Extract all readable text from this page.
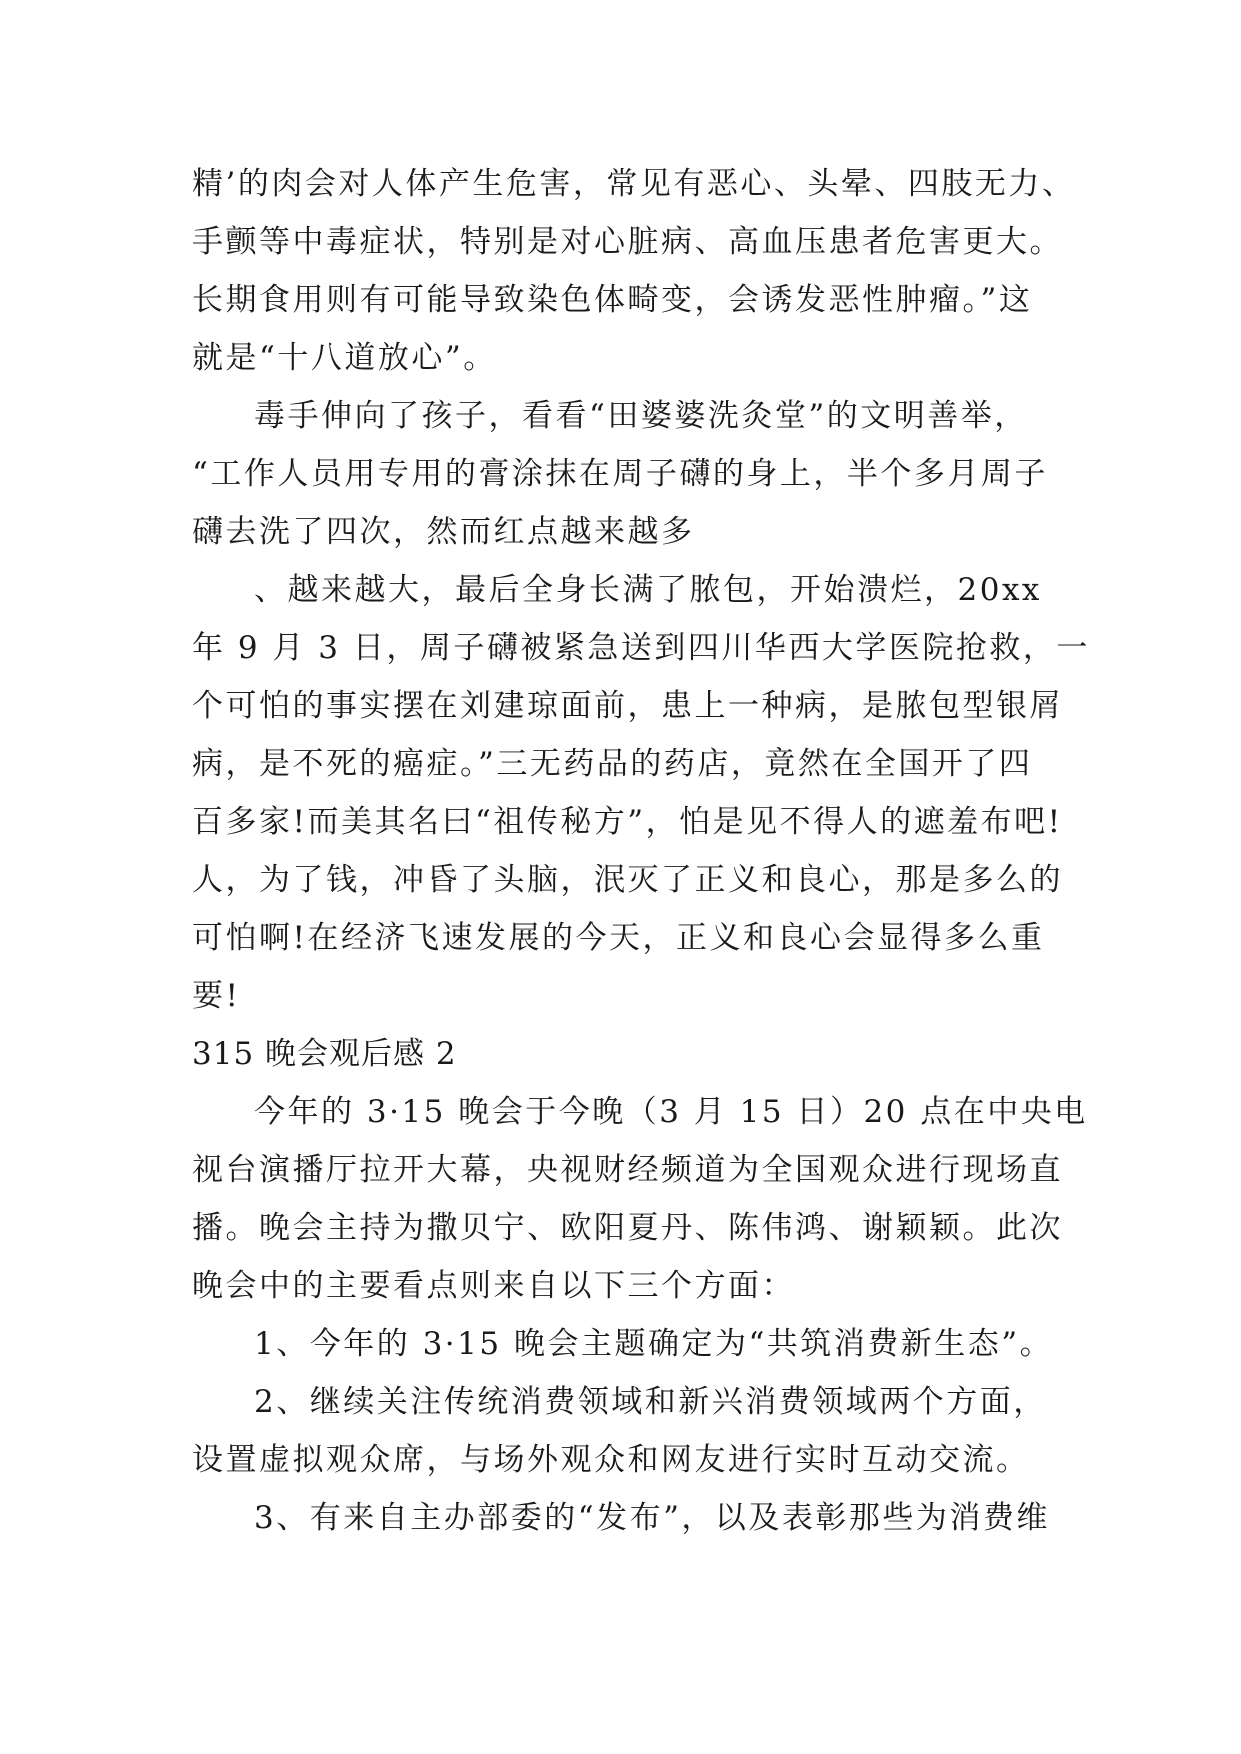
精’的肉会对人体产生危害，常见有恶心、头晕、四肢无力、
手颤等中毒症状，特别是对心脏病、高血压患者危害更大。
长期食用则有可能导致染色体畸变，会诱发恶性肿瘤。”这
就是“十八道放心”。
毒手伸向了孩子，看看“田婆婆洗灸堂”的文明善举，
“工作人员用专用的膏涂抹在周子礴的身上，半个多月周子
礴去洗了四次，然而红点越来越多
、越来越大，最后全身长满了脓包，开始溃烂，20xx
年 9 月 3 日，周子礴被紧急送到四川华西大学医院抢救，一
个可怕的事实摆在刘建琼面前，患上一种病，是脓包型银屑
病，是不死的癌症。”三无药品的药店，竟然在全国开了四
百多家!而美其名曰“祖传秘方”，怕是见不得人的遮羞布吧!
人，为了钱，冲昏了头脑，泯灭了正义和良心，那是多么的
可怕啊!在经济飞速发展的今天，正义和良心会显得多么重
要!
315 晚会观后感 2
今年的 3·15 晚会于今晚（3 月 15 日）20 点在中央电
视台演播厅拉开大幕，央视财经频道为全国观众进行现场直
播。晚会主持为撒贝宁、欧阳夏丹、陈伟鸿、谢颖颖。此次
晚会中的主要看点则来自以下三个方面：
1、今年的 3·15 晚会主题确定为“共筑消费新生态”。
2、继续关注传统消费领域和新兴消费领域两个方面，
设置虚拟观众席，与场外观众和网友进行实时互动交流。
3、有来自主办部委的“发布”，以及表彰那些为消费维
